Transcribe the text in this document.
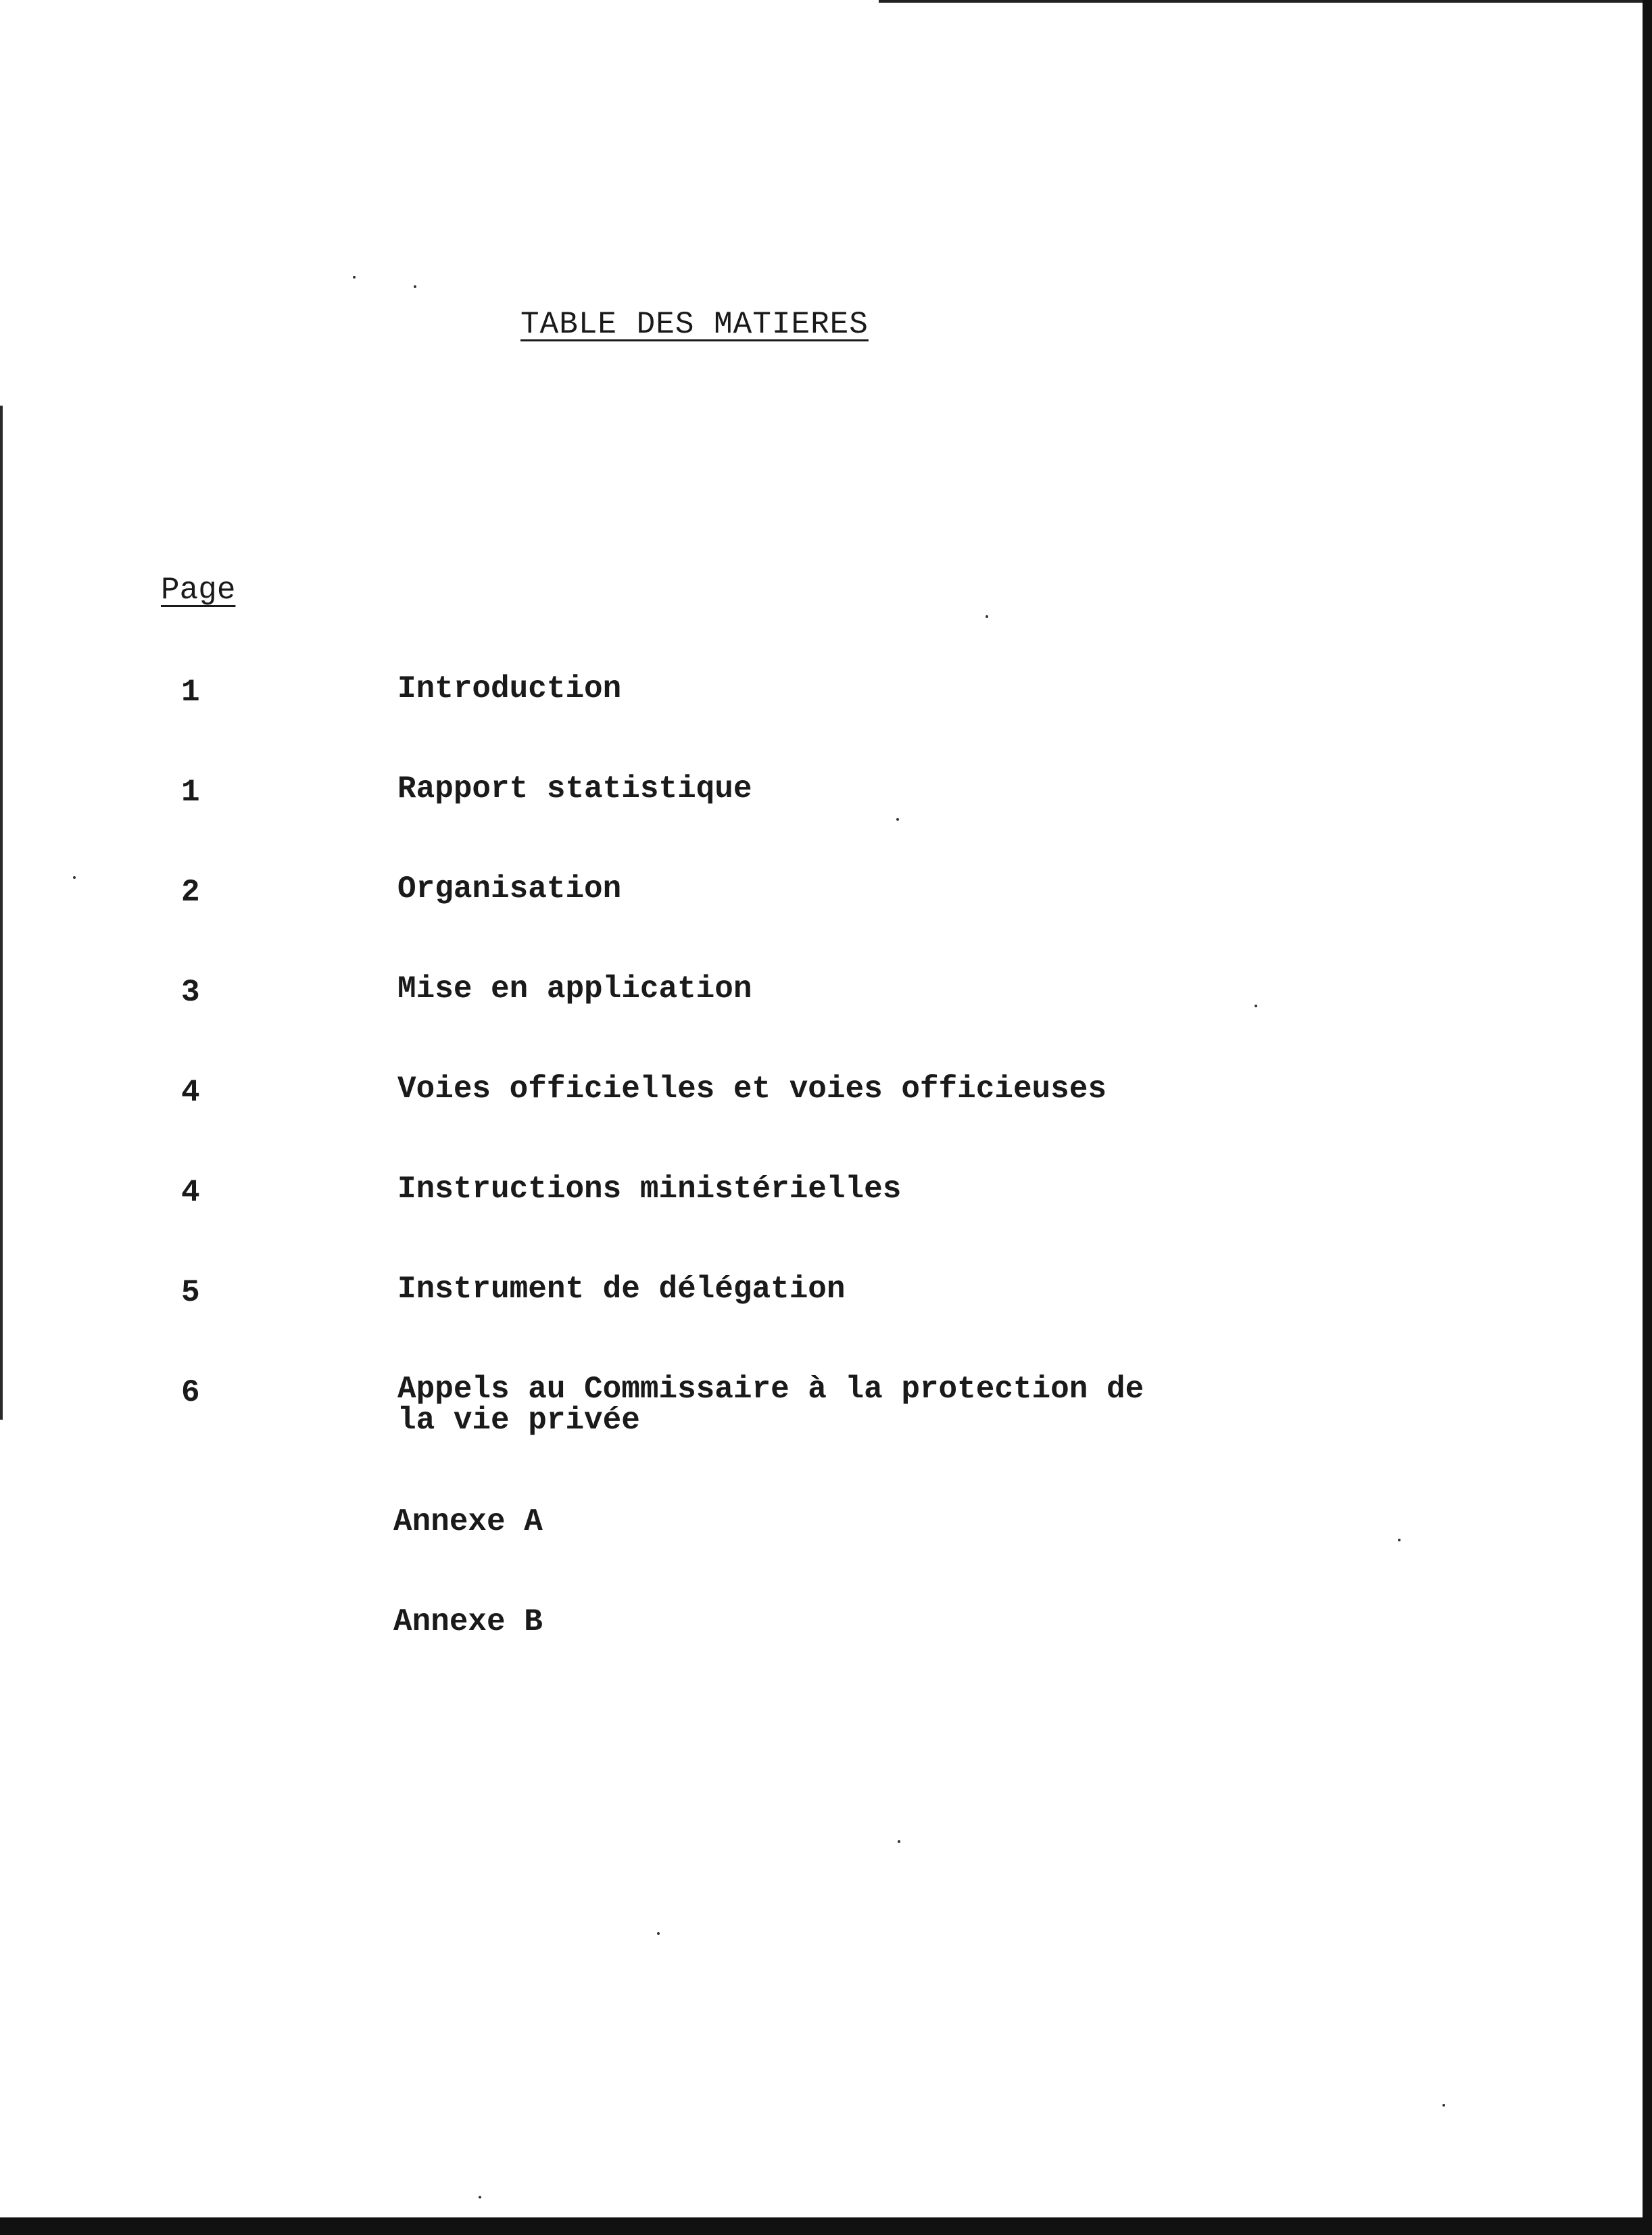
TABLE DES MATIERES
Page
1	Introduction
1	Rapport statistique
2	Organisation
3	Mise en application
4	Voies officielles et voies officieuses
4	Instructions ministérielles
5	Instrument de délégation
6	Appels au Commissaire à la protection de
la vie privée
Annexe A
Annexe B
